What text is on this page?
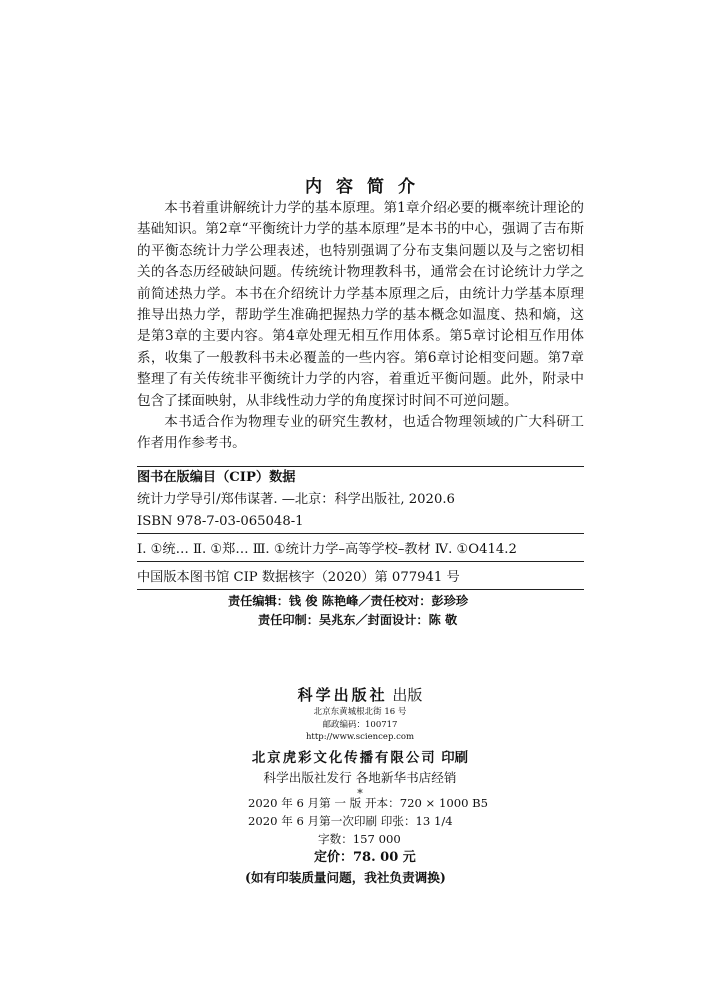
内容简介

本书着重讲解统计力学的基本原理。第1章介绍必要的概率统计理论的基础知识。第2章“平衡统计力学的基本原理”是本书的中心，强调了吉布斯的平衡态统计力学公理表述，也特别强调了分布支集问题以及与之密切相关的各态历经破缺问题。传统统计物理教科书，通常会在讨论统计力学之前简述热力学。本书在介绍统计力学基本原理之后，由统计力学基本原理推导出热力学，帮助学生准确把握热力学的基本概念如温度、热和熵，这是第3章的主要内容。第4章处理无相互作用体系。第5章讨论相互作用体系，收集了一般教科书未必覆盖的一些内容。第6章讨论相变问题。第7章整理了有关传统非平衡统计力学的内容，着重近平衡问题。此外，附录中包含了揉面映射，从非线性动力学的角度探讨时间不可逆问题。

本书适合作为物理专业的研究生教材，也适合物理领域的广大科研工作者用作参考书。

图书在版编目（CIP）数据
统计力学导引/郑伟谋著. —北京：科学出版社, 2020.6
ISBN 978-7-03-065048-1
Ⅰ. ①统… Ⅱ. ①郑… Ⅲ. ①统计力学–高等学校–教材 Ⅳ. ①O414.2
中国版本图书馆 CIP 数据核字（2020）第 077941 号
责任编辑：钱 俊 陈艳峰／责任校对：彭珍珍
责任印制：吴兆东／封面设计：陈 敬
科学出版社 出版
北京东黄城根北街 16 号
邮政编码：100717
http://www.sciencep.com
北京虎彩文化传播有限公司 印刷
科学出版社发行 各地新华书店经销
*
2020 年 6 月第 一 版 开本：720 × 1000 B5
2020 年 6 月第一次印刷 印张：13 1/4
字数：157 000
定价：78. 00 元
(如有印装质量问题，我社负责调换)
